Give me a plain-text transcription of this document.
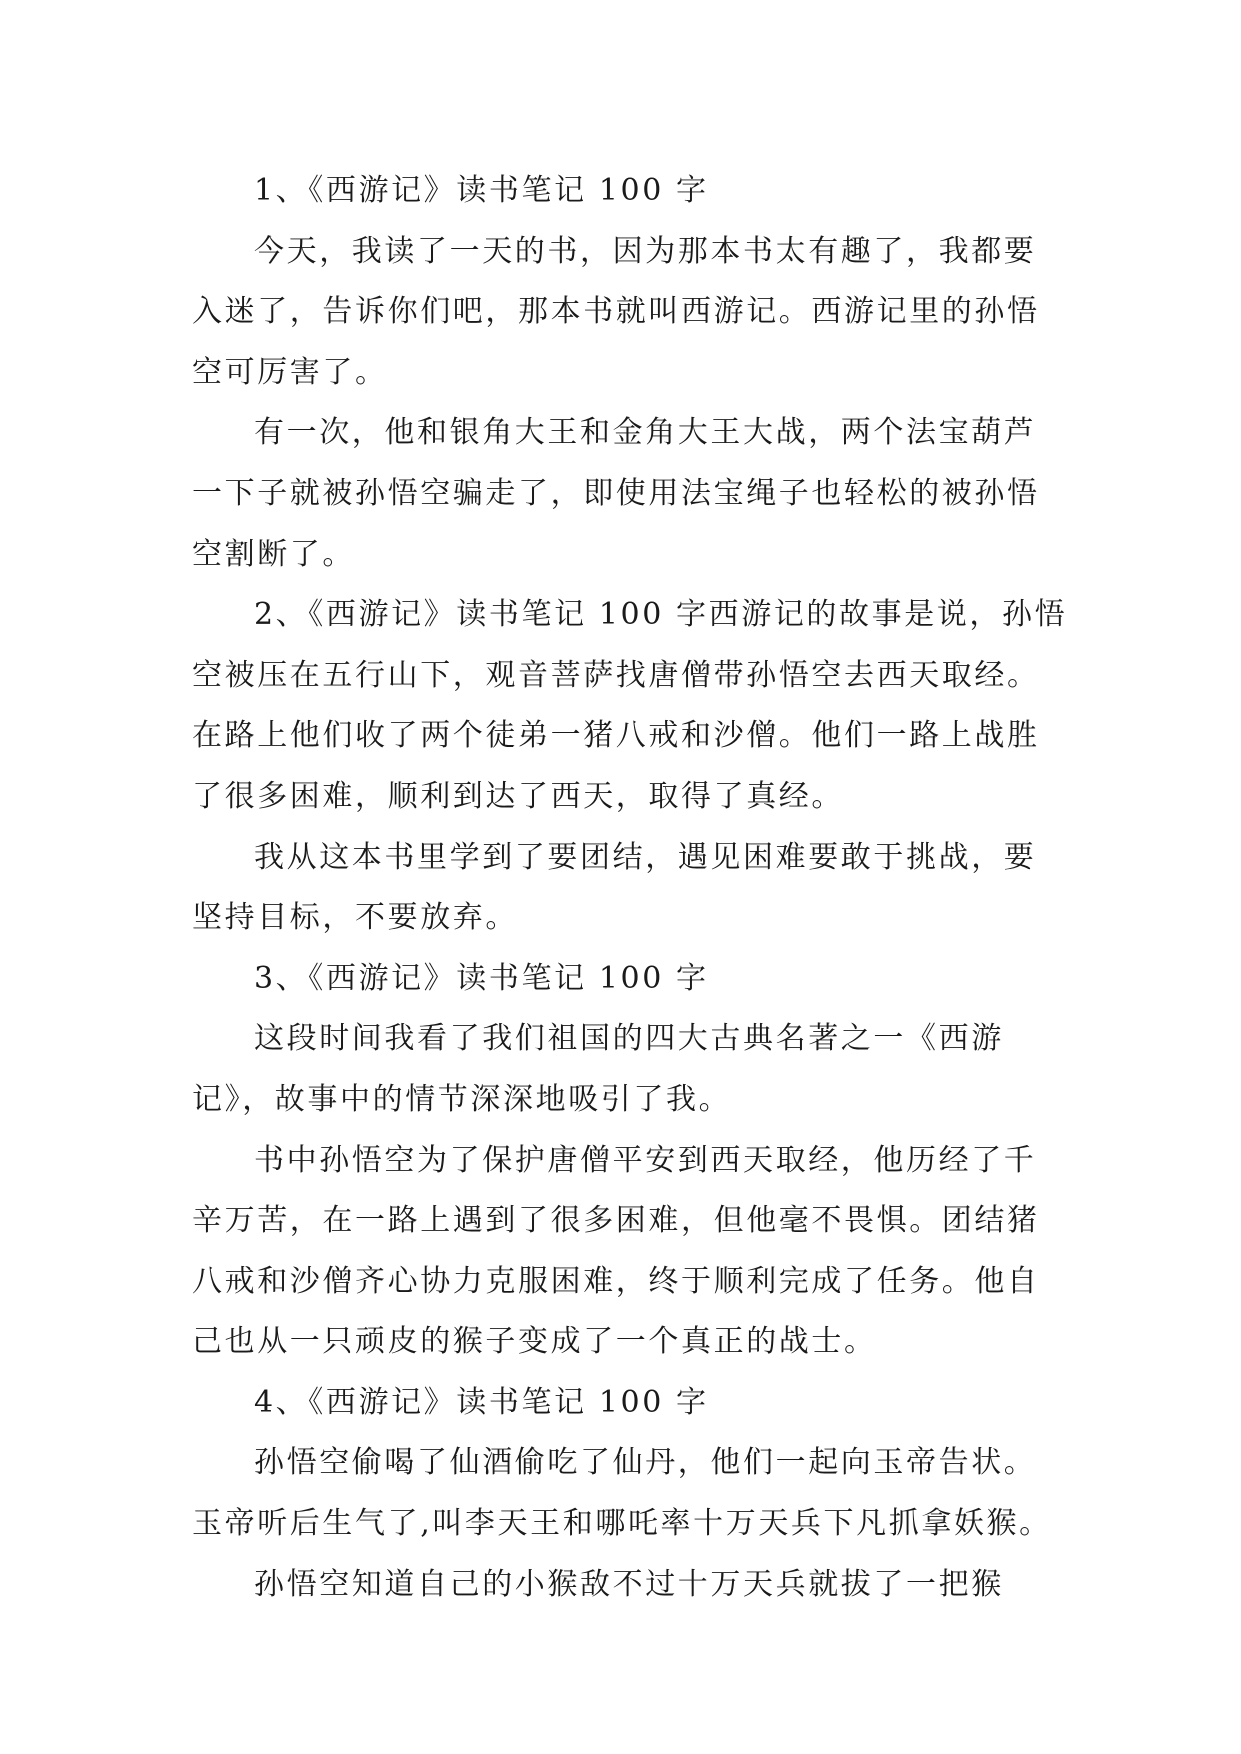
1、《西游记》读书笔记 100 字
今天，我读了一天的书，因为那本书太有趣了，我都要
入迷了，告诉你们吧，那本书就叫西游记。西游记里的孙悟
空可厉害了。
有一次，他和银角大王和金角大王大战，两个法宝葫芦
一下子就被孙悟空骗走了，即使用法宝绳子也轻松的被孙悟
空割断了。
2、《西游记》读书笔记 100 字西游记的故事是说，孙悟
空被压在五行山下，观音菩萨找唐僧带孙悟空去西天取经。
在路上他们收了两个徒弟一猪八戒和沙僧。他们一路上战胜
了很多困难，顺利到达了西天，取得了真经。
我从这本书里学到了要团结，遇见困难要敢于挑战，要
坚持目标，不要放弃。
3、《西游记》读书笔记 100 字
这段时间我看了我们祖国的四大古典名著之一《西游
记》，故事中的情节深深地吸引了我。
书中孙悟空为了保护唐僧平安到西天取经，他历经了千
辛万苦，在一路上遇到了很多困难，但他毫不畏惧。团结猪
八戒和沙僧齐心协力克服困难，终于顺利完成了任务。他自
己也从一只顽皮的猴子变成了一个真正的战士。
4、《西游记》读书笔记 100 字
孙悟空偷喝了仙酒偷吃了仙丹，他们一起向玉帝告状。
玉帝听后生气了,叫李天王和哪吒率十万天兵下凡抓拿妖猴。
孙悟空知道自己的小猴敌不过十万天兵就拔了一把猴
